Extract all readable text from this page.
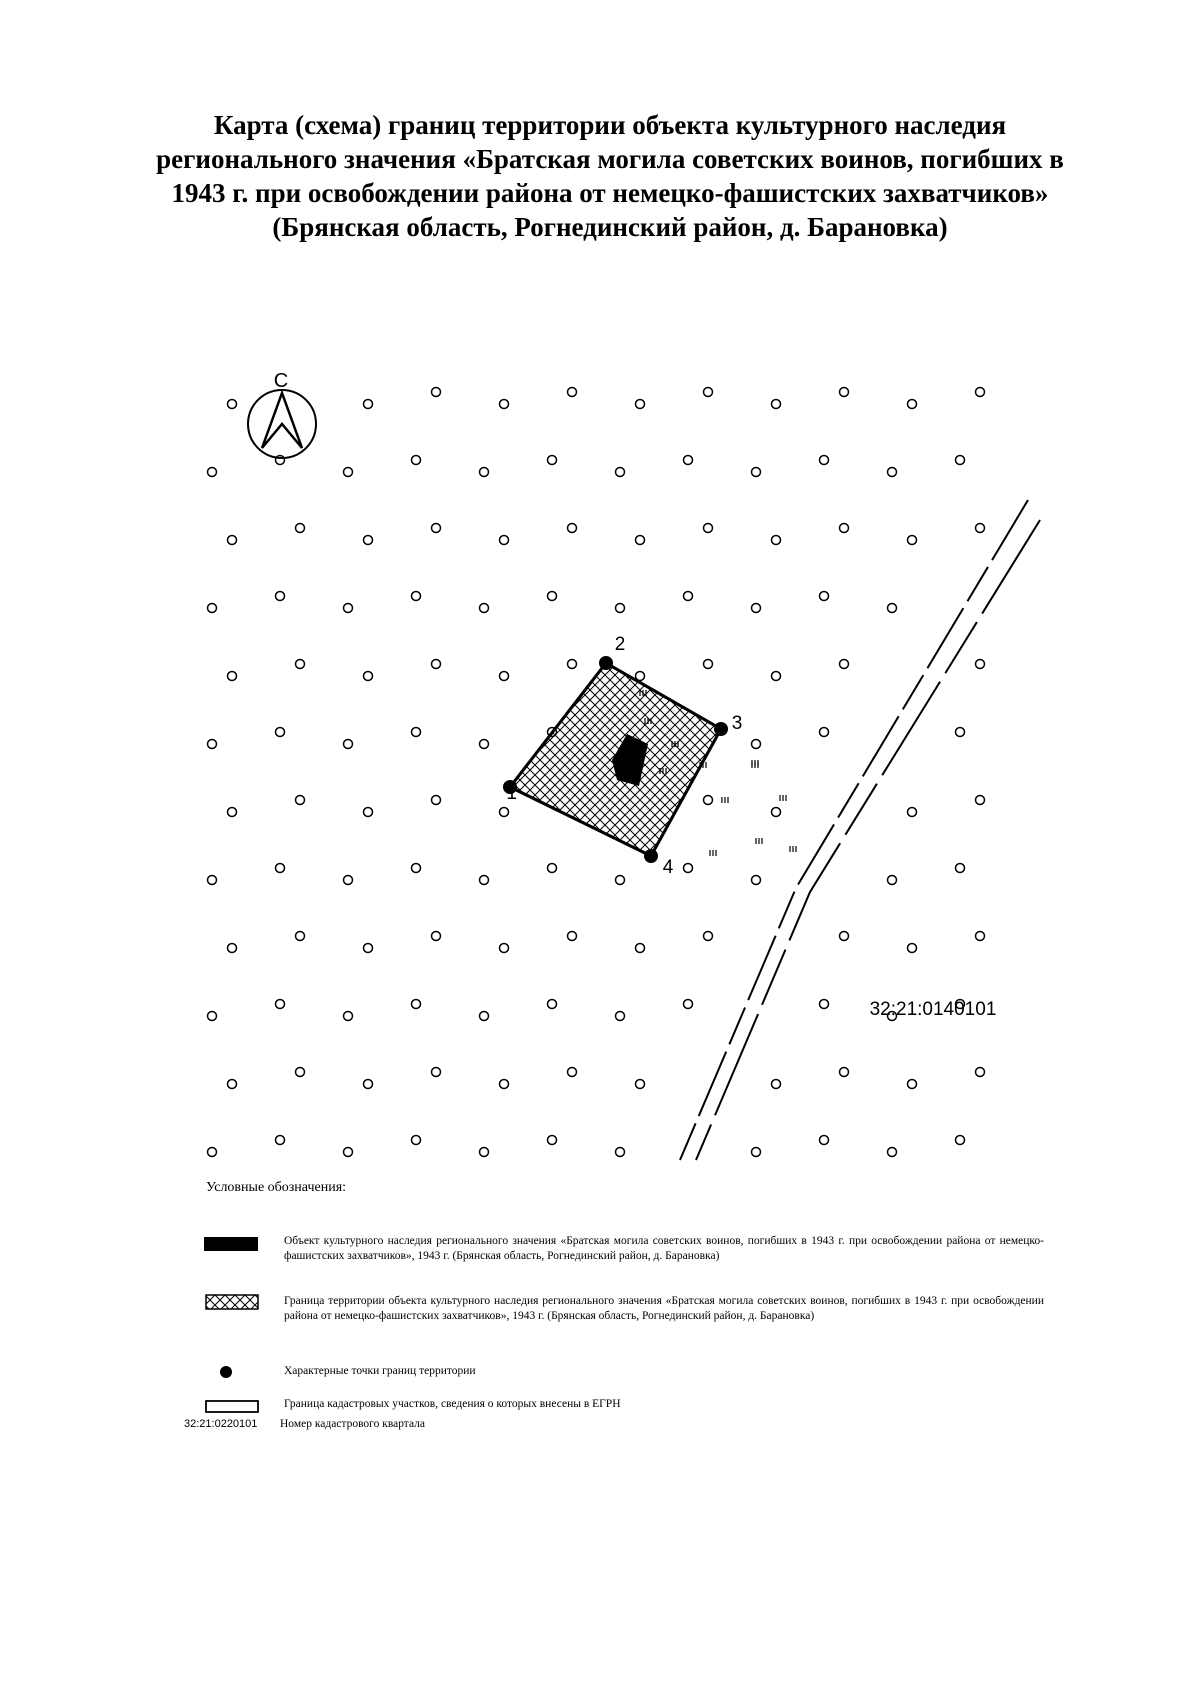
Карта (схема) границ территории объекта культурного наследия
регионального значения «Братская могила советских воинов, погибших в
1943 г. при освобождении района от немецко-фашистских захватчиков»
(Брянская область, Рогнединский район, д. Барановка)
С
1
2
3
4
32:21:0140101
Условные обозначения:
Объект культурного наследия регионального значения «Братская могила советских воинов, погибших в 1943 г. при освобождении района от немецко-фашистских захватчиков», 1943 г. (Брянская область, Рогнединский район, д. Барановка)
Граница территории объекта культурного наследия регионального значения «Братская могила советских воинов, погибших в 1943 г. при освобождении района от немецко-фашистских захватчиков», 1943 г. (Брянская область, Рогнединский район, д. Барановка)
Характерные точки границ территории
Граница кадастровых участков, сведения о которых внесены в ЕГРН
32:21:0220101 Номер кадастрового квартала
